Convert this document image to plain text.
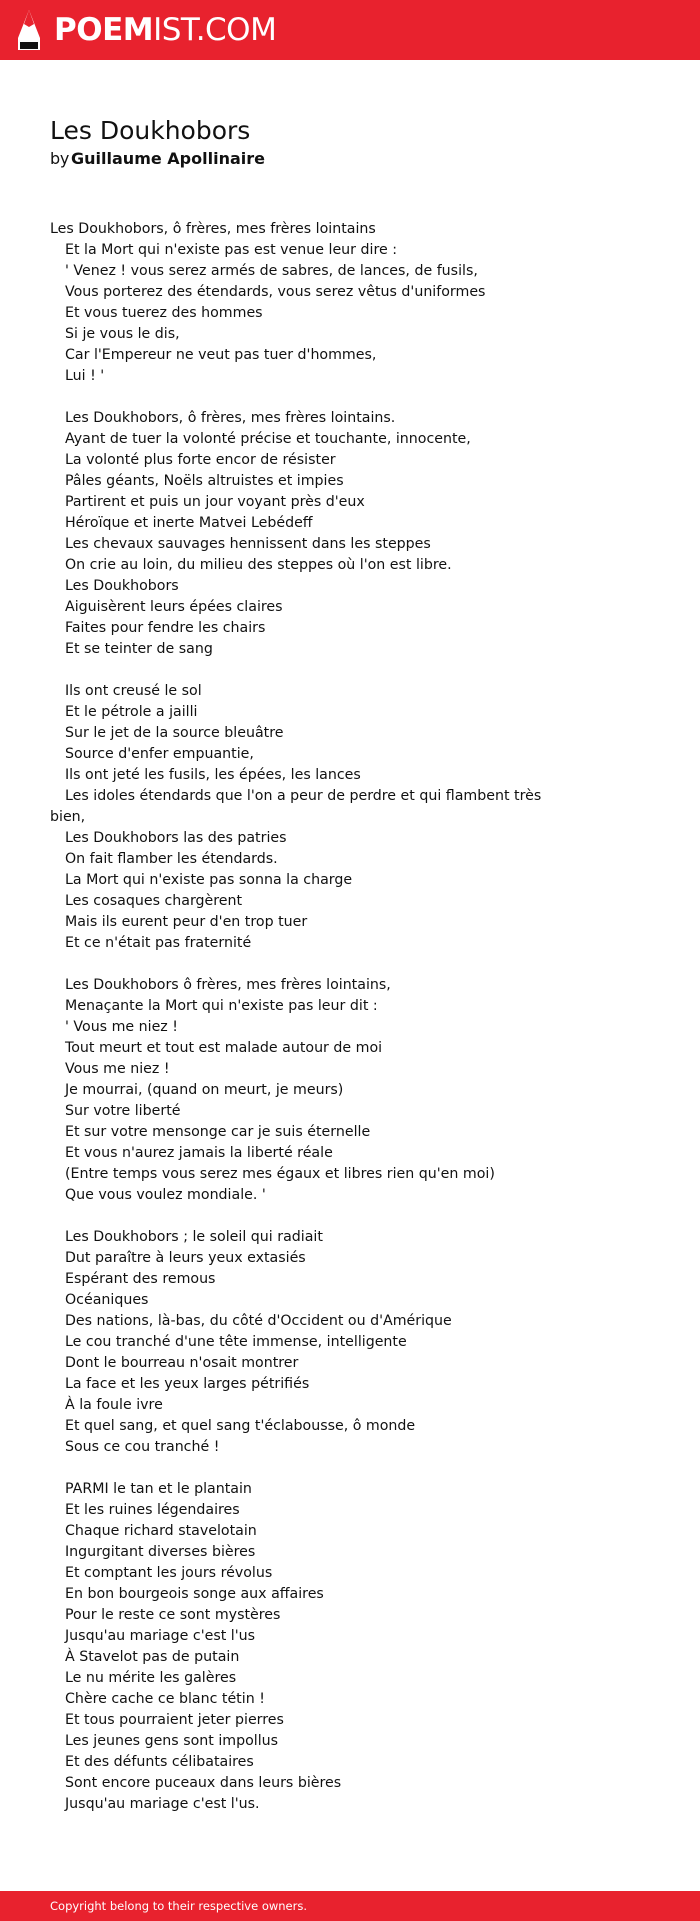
POEMIST.COM
Les Doukhobors
by Guillaume Apollinaire
Les Doukhobors, ô frères, mes frères lointains
Et la Mort qui n'existe pas est venue leur dire :
' Venez ! vous serez armés de sabres, de lances, de fusils,
Vous porterez des étendards, vous serez vêtus d'uniformes
Et vous tuerez des hommes
Si je vous le dis,
Car l'Empereur ne veut pas tuer d'hommes,
Lui ! '
Les Doukhobors, ô frères, mes frères lointains.
Ayant de tuer la volonté précise et touchante, innocente,
La volonté plus forte encor de résister
Pâles géants, Noëls altruistes et impies
Partirent et puis un jour voyant près d'eux
Héroïque et inerte Matvei Lebédeff
Les chevaux sauvages hennissent dans les steppes
On crie au loin, du milieu des steppes où l'on est libre.
Les Doukhobors
Aiguisèrent leurs épées claires
Faites pour fendre les chairs
Et se teinter de sang
Ils ont creusé le sol
Et le pétrole a jailli
Sur le jet de la source bleuâtre
Source d'enfer empuantie,
Ils ont jeté les fusils, les épées, les lances
Les idoles étendards que l'on a peur de perdre et qui flambent très
bien,
Les Doukhobors las des patries
On fait flamber les étendards.
La Mort qui n'existe pas sonna la charge
Les cosaques chargèrent
Mais ils eurent peur d'en trop tuer
Et ce n'était pas fraternité
Les Doukhobors ô frères, mes frères lointains,
Menaçante la Mort qui n'existe pas leur dit :
' Vous me niez !
Tout meurt et tout est malade autour de moi
Vous me niez !
Je mourrai, (quand on meurt, je meurs)
Sur votre liberté
Et sur votre mensonge car je suis éternelle
Et vous n'aurez jamais la liberté réale
(Entre temps vous serez mes égaux et libres rien qu'en moi)
Que vous voulez mondiale. '
Les Doukhobors ; le soleil qui radiait
Dut paraître à leurs yeux extasiés
Espérant des remous
Océaniques
Des nations, là-bas, du côté d'Occident ou d'Amérique
Le cou tranché d'une tête immense, intelligente
Dont le bourreau n'osait montrer
La face et les yeux larges pétrifiés
À la foule ivre
Et quel sang, et quel sang t'éclabousse, ô monde
Sous ce cou tranché !
PARMI le tan et le plantain
Et les ruines légendaires
Chaque richard stavelotain
Ingurgitant diverses bières
Et comptant les jours révolus
En bon bourgeois songe aux affaires
Pour le reste ce sont mystères
Jusqu'au mariage c'est l'us
À Stavelot pas de putain
Le nu mérite les galères
Chère cache ce blanc tétin !
Et tous pourraient jeter pierres
Les jeunes gens sont impollus
Et des défunts célibataires
Sont encore puceaux dans leurs bières
Jusqu'au mariage c'est l'us.
Copyright belong to their respective owners.
